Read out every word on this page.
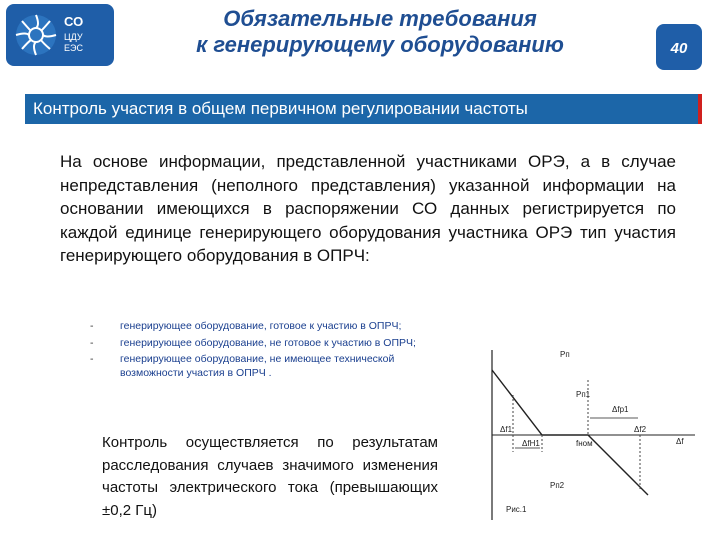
СО
ЦДУ
ЕЭС
Обязательные требования
к генерирующему оборудованию	40
Контроль участия в общем первичном регулировании частоты
На основе информации, представленной участниками ОРЭ, а в случае непредставления (неполного представления) указанной информации на основании имеющихся в распоряжении СО данных регистрируется по каждой единице генерирующего оборудования участника ОРЭ тип участия генерирующего оборудования в ОПРЧ:
-	генерирующее оборудование, готовое к участию в ОПРЧ;
-	генерирующее оборудование, не готовое к участию в ОПРЧ;
-	генерирующее оборудование, не имеющее технической возможности участия в ОПРЧ .
Контроль осуществляется по результатам расследования случаев значимого изменения частоты электрического тока (превышающих ±0,2 Гц)
Pп
Pп1
Δfp1
Δf1
ΔfΗ1	fном
Δf2
Δf
Pп2
Рис.1
